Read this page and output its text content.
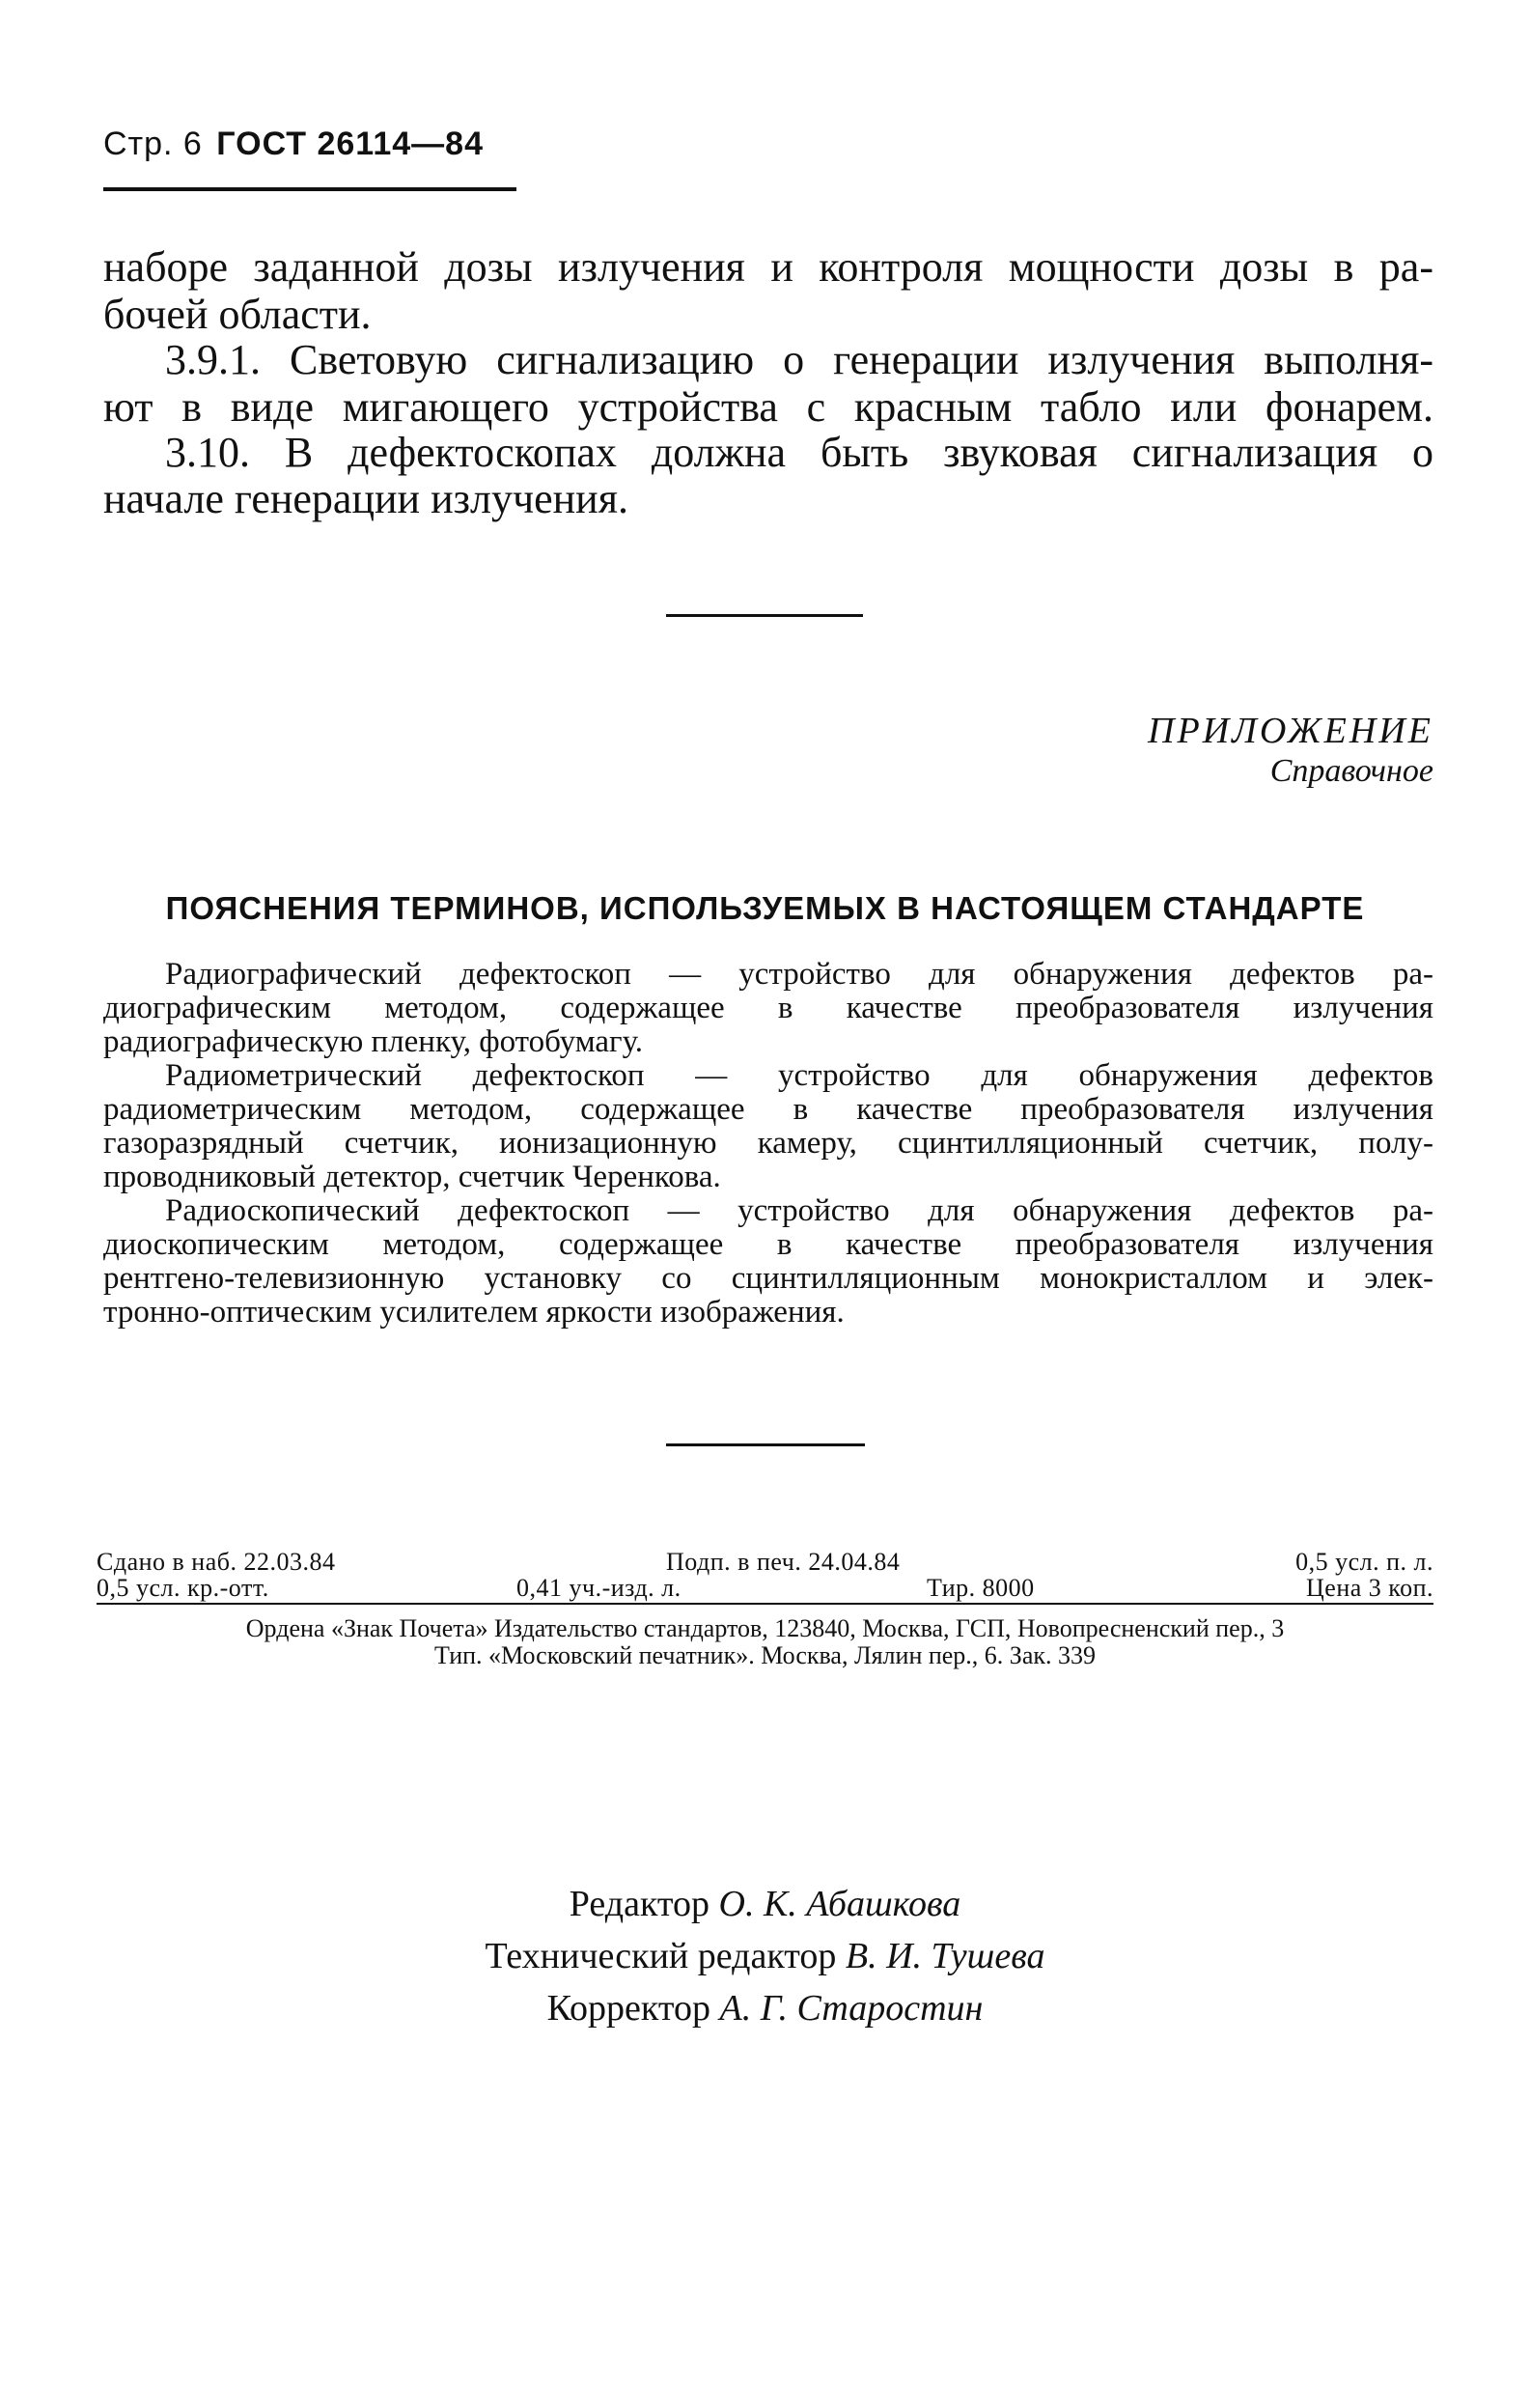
Стр. 6 ГОСТ 26114—84
наборе заданной дозы излучения и контроля мощности дозы в ра-
бочей области.
3.9.1. Световую сигнализацию о генерации излучения выполня-
ют в виде мигающего устройства с красным табло или фонарем.
3.10. В дефектоскопах должна быть звуковая сигнализация о
начале генерации излучения.
ПРИЛОЖЕНИЕ
Справочное
ПОЯСНЕНИЯ ТЕРМИНОВ, ИСПОЛЬЗУЕМЫХ В НАСТОЯЩЕМ СТАНДАРТЕ
Радиографический дефектоскоп — устройство для обнаружения дефектов ра-
диографическим методом, содержащее в качестве преобразователя излучения
радиографическую пленку, фотобумагу.
Радиометрический дефектоскоп — устройство для обнаружения дефектов
радиометрическим методом, содержащее в качестве преобразователя излучения
газоразрядный счетчик, ионизационную камеру, сцинтилляционный счетчик, полу-
проводниковый детектор, счетчик Черенкова.
Радиоскопический дефектоскоп — устройство для обнаружения дефектов ра-
диоскопическим методом, содержащее в качестве преобразователя излучения
рентгено-телевизионную установку со сцинтилляционным монокристаллом и элек-
тронно-оптическим усилителем яркости изображения.
Редактор О. К. Абашкова
Технический редактор В. И. Тушева
Корректор А. Г. Старостин
Сдано в наб. 22.03.84	Подп. в печ. 24.04.84	0,5 усл. п. л.
0,5 усл. кр.-отт.	0,41 уч.-изд. л.	Тир. 8000	Цена 3 коп.
Ордена «Знак Почета» Издательство стандартов, 123840, Москва, ГСП, Новопресненский пер., 3
Тип. «Московский печатник». Москва, Лялин пер., 6. Зак. 339
